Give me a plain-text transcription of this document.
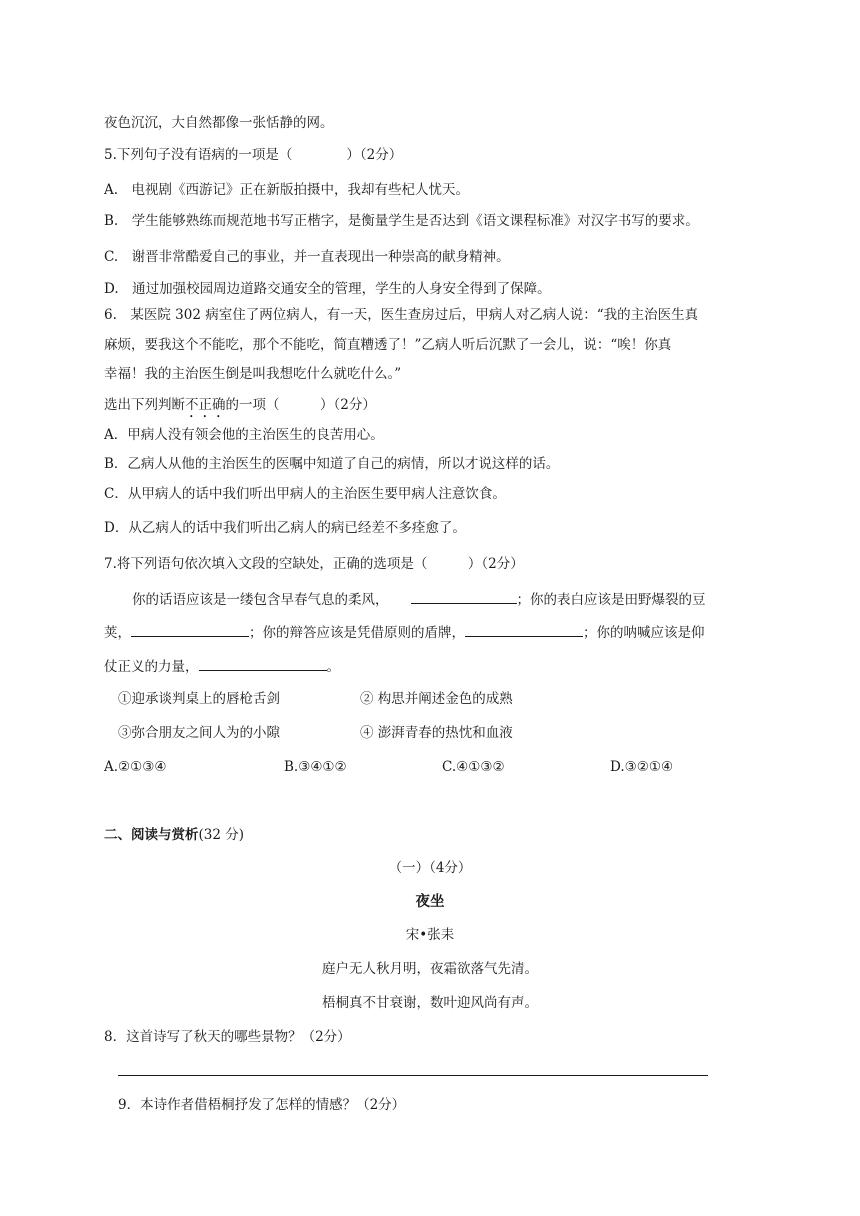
夜色沉沉，大自然都像一张恬静的网。
5.下列句子没有语病的一项是（　　　　）（2分）
A.　电视剧《西游记》正在新版拍摄中，我却有些杞人忧天。
B.　学生能够熟练而规范地书写正楷字，是衡量学生是否达到《语文课程标准》对汉字书写的要求。
C.　谢晋非常酷爱自己的事业，并一直表现出一种崇高的献身精神。
D.　通过加强校园周边道路交通安全的管理，学生的人身安全得到了保障。
6.　某医院 302 病室住了两位病人，有一天，医生查房过后，甲病人对乙病人说：“我的主治医生真
麻烦，要我这个不能吃，那个不能吃，简直糟透了！”乙病人听后沉默了一会儿，说：“唉！你真
幸福！我的主治医生倒是叫我想吃什么就吃什么。”
选出下列判断不正确的一项（　　　）（2分）
A．甲病人没有领会他的主治医生的良苦用心。
B．乙病人从他的主治医生的医嘱中知道了自己的病情，所以才说这样的话。
C．从甲病人的话中我们听出甲病人的主治医生要甲病人注意饮食。
D．从乙病人的话中我们听出乙病人的病已经差不多痊愈了。
7.将下列语句依次填入文段的空缺处，正确的选项是（　　　）（2分）
你的话语应该是一缕包含早春气息的柔风，	；你的表白应该是田野爆裂的豆
荚，	；你的辩答应该是凭借原则的盾牌，	；你的呐喊应该是仰
仗正义的力量，	。
①迎承谈判桌上的唇枪舌剑	② 构思并阐述金色的成熟
③弥合朋友之间人为的小隙	④ 澎湃青春的热忱和血液
A.②①③④	B.③④①②	C.④①③②	D.③②①④
二、阅读与赏析(32 分)
（一）（4分）
夜坐
宋•张耒
庭户无人秋月明，夜霜欲落气先清。
梧桐真不甘衰谢，数叶迎风尚有声。
8．这首诗写了秋天的哪些景物？（2分）
9．本诗作者借梧桐抒发了怎样的情感？（2分）
